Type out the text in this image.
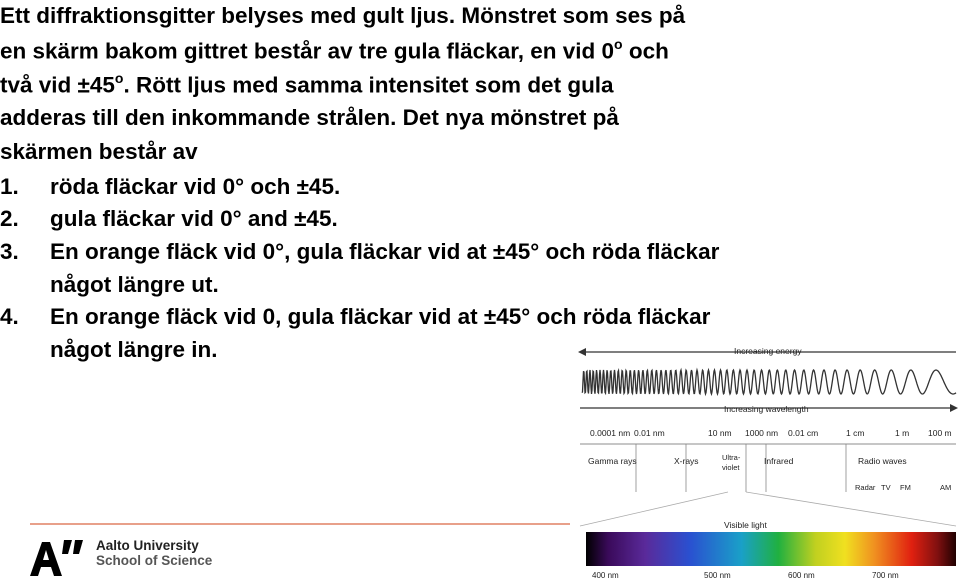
Ett diffraktionsgitter belyses med gult ljus. Mönstret som ses på
en skärm bakom gittret består av tre gula fläckar, en vid 0$^o$ och
två vid $\pm 45^o$. Rött ljus med samma intensitet som det gula
adderas till den inkommande strålen. Det nya mönstret på
skärmen består av
1. röda fläckar vid 0° och ±45.
2. gula fläckar vid 0° and ±45.
3. En orange fläck vid 0°, gula fläckar vid at ±45° och röda fläckar
något längre ut.
4. En orange fläck vid 0, gula fläckar vid at ±45° och röda fläckar
något längre in.
Aalto University
School of Science
Increasing energy
Increasing wavelength
0.0001 nm 0.01 nm	10 nm 1000 nm 0.01 cm	1 cm	1 m 100 m
Gamma rays	X-rays	Ultra-
violet
Infrared	Radio waves
Radar TV FM	AM
Visible light
400 nm	500 nm	600 nm	700 nm
